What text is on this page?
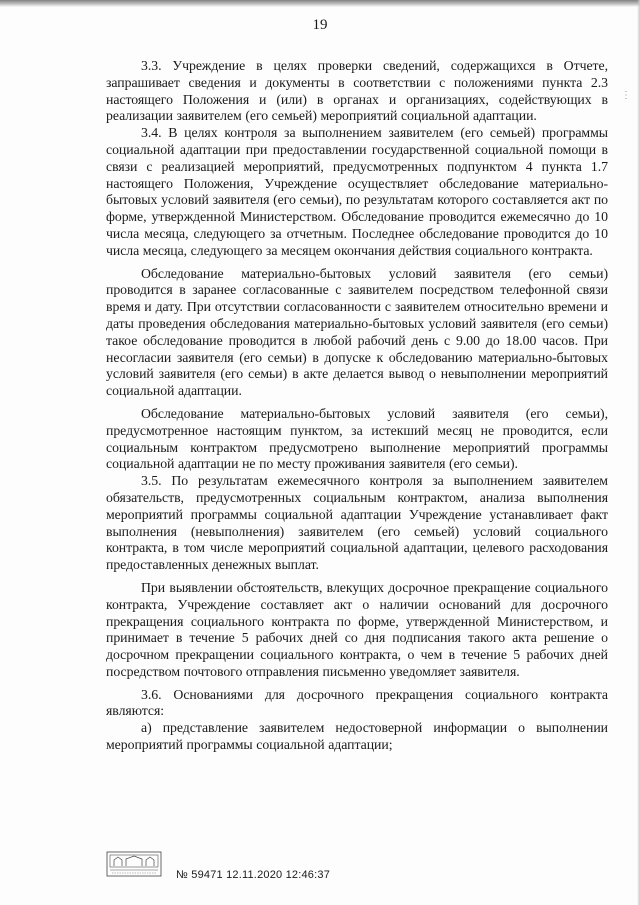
19

3.3. Учреждение в целях проверки сведений, содержащихся в Отчете, запрашивает сведения и документы в соответствии с положениями пункта 2.3 настоящего Положения и (или) в органах и организациях, содействующих в реализации заявителем (его семьей) мероприятий социальной адаптации.

3.4. В целях контроля за выполнением заявителем (его семьей) программы социальной адаптации при предоставлении государственной социальной помощи в связи с реализацией мероприятий, предусмотренных подпунктом 4 пункта 1.7 настоящего Положения, Учреждение осуществляет обследование материально-бытовых условий заявителя (его семьи), по результатам которого составляется акт по форме, утвержденной Министерством. Обследование проводится ежемесячно до 10 числа месяца, следующего за отчетным. Последнее обследование проводится до 10 числа месяца, следующего за месяцем окончания действия социального контракта.

Обследование материально-бытовых условий заявителя (его семьи) проводится в заранее согласованные с заявителем посредством телефонной связи время и дату. При отсутствии согласованности с заявителем относительно времени и даты проведения обследования материально-бытовых условий заявителя (его семьи) такое обследование проводится в любой рабочий день с 9.00 до 18.00 часов. При несогласии заявителя (его семьи) в допуске к обследованию материально-бытовых условий заявителя (его семьи) в акте делается вывод о невыполнении мероприятий социальной адаптации.

Обследование материально-бытовых условий заявителя (его семьи), предусмотренное настоящим пунктом, за истекший месяц не проводится, если социальным контрактом предусмотрено выполнение мероприятий программы социальной адаптации не по месту проживания заявителя (его семьи).

3.5. По результатам ежемесячного контроля за выполнением заявителем обязательств, предусмотренных социальным контрактом, анализа выполнения мероприятий программы социальной адаптации Учреждение устанавливает факт выполнения (невыполнения) заявителем (его семьей) условий социального контракта, в том числе мероприятий социальной адаптации, целевого расходования предоставленных денежных выплат.

При выявлении обстоятельств, влекущих досрочное прекращение социального контракта, Учреждение составляет акт о наличии оснований для досрочного прекращения социального контракта по форме, утвержденной Министерством, и принимает в течение 5 рабочих дней со дня подписания такого акта решение о досрочном прекращении социального контракта, о чем в течение 5 рабочих дней посредством почтового отправления письменно уведомляет заявителя.

3.6. Основаниями для досрочного прекращения социального контракта являются:

а) представление заявителем недостоверной информации о выполнении мероприятий программы социальной адаптации;

⋮
№ 59471 12.11.2020 12:46:37
